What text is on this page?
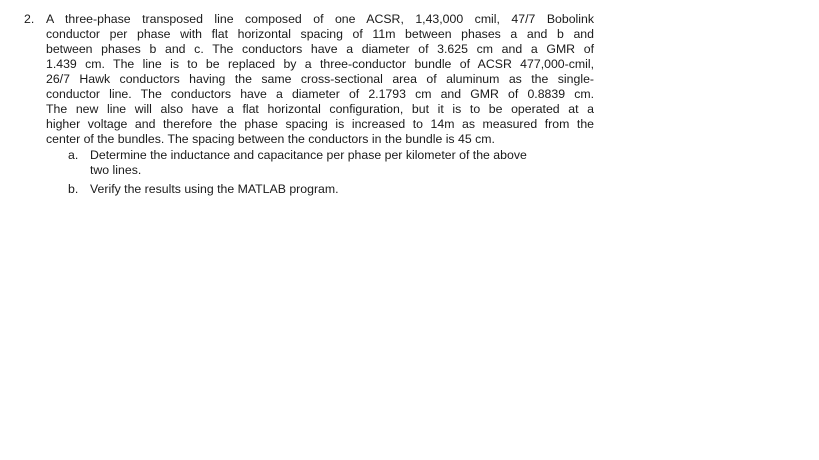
2. A three-phase transposed line composed of one ACSR, 1,43,000 cmil, 47/7 Bobolink
conductor per phase with flat horizontal spacing of 11m between phases a and b and
between phases b and c. The conductors have a diameter of 3.625 cm and a GMR of
1.439 cm. The line is to be replaced by a three-conductor bundle of ACSR 477,000-cmil,
26/7 Hawk conductors having the same cross-sectional area of aluminum as the single-
conductor line. The conductors have a diameter of 2.1793 cm and GMR of 0.8839 cm.
The new line will also have a flat horizontal configuration, but it is to be operated at a
higher voltage and therefore the phase spacing is increased to 14m as measured from the
center of the bundles. The spacing between the conductors in the bundle is 45 cm.
a. Determine the inductance and capacitance per phase per kilometer of the above
two lines.
b. Verify the results using the MATLAB program.
